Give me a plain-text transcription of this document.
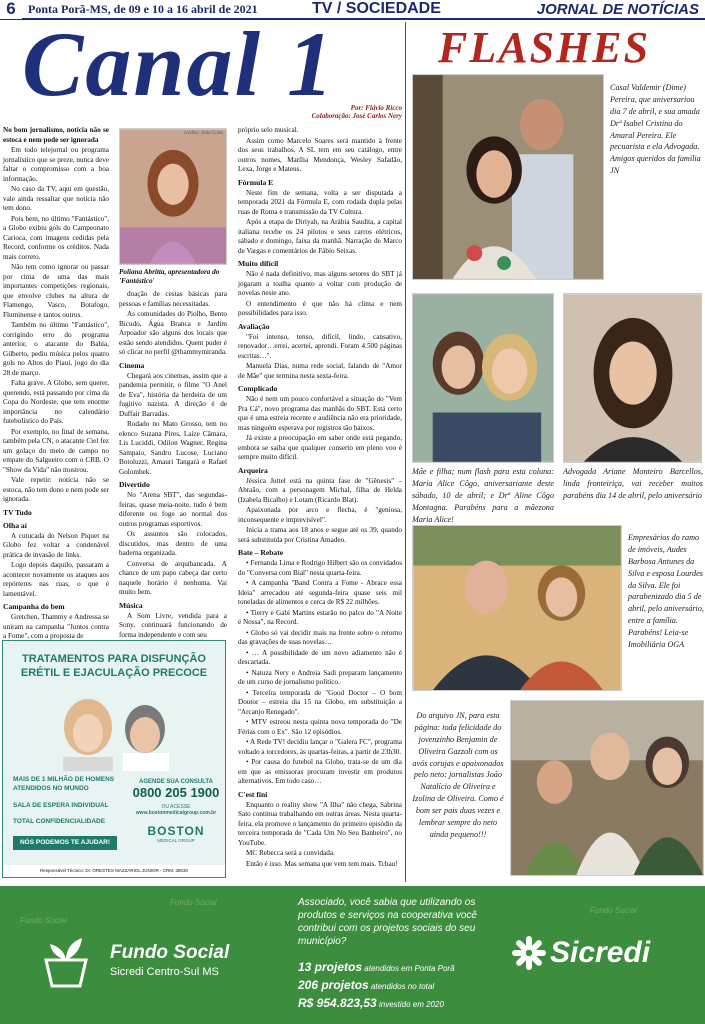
6	Ponta Porã-MS, de 09 e 10 a 16 abril de 2021	TV / SOCIEDADE	JORNAL DE NOTÍCIAS
Canal 1	Por: Flávio Ricco
Colaboração: José Carlos Nery

No bom jornalismo, notícia não se estoca e nem pode ser ignorada

Em todo telejornal ou programa jornalístico que se preze, nunca deve faltar o compromisso com a boa informação.

No caso da TV, aqui em questão, vale ainda ressaltar que notícia não tem dono.

Pois bem, no último "Fantástico", a Globo exibiu gols do Campeonato Carioca, com imagens cedidas pela Record, conforme os créditos. Nada mais correto.

Não tem como ignorar ou passar por cima de uma das mais importantes competições regionais, que envolve clubes na altura de Flamengo, Vasco, Botafogo, Fluminense e tantos outros.

Também no último "Fantástico", corrigindo erro do programa anterior, o atacante do Bahia, Gilberto, pediu música pelos quatro gols no Altos do Piauí, jogo do dia 28 de março.

Falta grave. A Globo, sem querer, querendo, está passando por cima da Copa do Nordeste, que tem enorme importância no calendário futebolístico do País.

Por exemplo, no final de semana, também pela CN, o atacante Ciel fez um golaço do meio de campo no empate do Salgueiro com o CRB. O "Show da Vida" não mostrou.

Vale repetir: notícia não se estoca, não tem dono e nem pode ser ignorada.

TV Tudo
Olha aí

A cutucada do Nelson Piquet na Globo fez voltar a condenável prática de invasão de links.

Logo depois daquilo, passaram a acontecer novamente os ataques aos repórteres nas ruas, o que é lamentável.

Campanha do bem

Gretchen, Thammy e Andressa se uniram na campanha "Juntos contra a Fome", com a proposta de

crédito: João Cotta
Poliana Abritta, apresentadora do 'Fantástico'

doação de cestas básicas para pessoas e famílias necessitadas.

As comunidades do Piolho, Bento Bicudo, Água Branca e Jardim Arpoador são alguns dos locais que estão sendo atendidos. Quem puder é só clicar no perfil @thammymiranda.

Cinema

Chegará aos cinemas, assim que a pandemia permitir, o filme "O Anel de Eva", história da herdeira de um fugitivo nazista. A direção é de Duffair Barradas.

Rodado no Mato Grosso, tem no elenco Suzana Pires, Laíze Câmara, Lis Luciddi, Odilon Wagner, Regina Sampaio, Sandro Lucose, Luciano Botoluzzi, Amauri Tangará e Rafael Golombek.

Divertido

No "Arena SBT", das segundas-feiras, quase meia-noite, tudo é bem diferente ou foge ao normal dos outros programas esportivos.

Os assuntos são colocados, discutidos, mas dentro de uma baderna organizada.

Conversa de arquibancada. A chance de um papo cabeça dar certo naquele horário é nenhuma. Vai muito bem.

Música

A Som Livre, vendida para a Sony, continuará funcionando de forma independente e com seu

próprio selo musical.

Assim como Marcelo Soares será mantido à frente dos seus trabalhos. A SL tem em seu catálogo, entre outros nomes, Marília Mendonça, Wesley Safadão, Lexa, Jorge e Mateus.

Fórmula E

Neste fim de semana, volta a ser disputada a temporada 2021 da Fórmula E, com rodada dupla pelas ruas de Roma e transmissão da TV Cultura.

Após a etapa de Diriyah, na Arábia Saudita, a capital italiana recebe os 24 pilotos e seus carros elétricos, sábado e domingo, faixa da manhã. Narração de Marco de Vargas e comentários de Fábio Seixas.

Muito difícil

Não é nada definitivo, mas alguns setores do SBT já jogaram a toalha quanto a voltar com produção de novelas neste ano.

O entendimento é que não há clima e nem possibilidades para isso.

Avaliação

"Foi intenso, tenso, difícil, lindo, cansativo, renovador…errei, acertei, aprendi. Foram 4.500 páginas escritas…".

Manuela Dias, numa rede social, falando de "Amor de Mãe" que termina nesta sexta-feira.

Complicado

Não é nem um pouco confortável a situação do "Vem Pra Cá", novo programa das manhãs do SBT. Está certo que é uma estreia recente e audiência não era prioridade, mas ninguém esperava por registros tão baixos.

Já existe a preocupação em saber onde está pegando, embora se saiba que qualquer conserto em pleno voo é sempre muito difícil.

Arqueira

Jéssica Juttel está na quinta fase de "Gênesis" – Abraão, com a personagem Michal, filha de Helda (Izabela Bicalho) e Lotam (Ricardo Blat).

Apaixonada por arco e flecha, é "geniosa, inconsequente e imprevisível".

Inicia a trama aos 18 anos e segue até os 39, quando será substituída por Cristina Amadeo.

Bate – Rebate

• Fernanda Lima e Rodrigo Hilbert são os convidados do "Conversa com Bial" nesta quarta-feira.

• A campanha "Band Contra a Fome - Abrace essa Ideia" arrecadou até segunda-feira quase seis mil toneladas de alimentos e cerca de R$ 22 milhões.

• Tierry e Gabi Martins estarão no palco do "A Noite é Nossa", na Record.

• Globo só vai decidir mais na frente sobre o retorno das gravações de suas novelas…

• … A possibilidade de um novo adiamento não é descartada.

• Natuza Nery e Andreia Sadi preparam lançamento de um curso de jornalismo político.

• Terceira temporada de "Good Doctor – O bom Doutor – estreia dia 15 na Globo, em substituição a "Arcanjo Renegado".

• MTV estreou nesta quinta nova temporada do "De Férias com o Ex". São 12 episódios.

• A Rede TV! decidiu lançar o "Galera FC", programa voltado a torcedores, às quartas-feiras, a partir de 23h30.

• Por causa do futebol na Globo, trata-se de um dia em que as emissoras procuram investir em produtos alternativos. Em todo caso…

C'est fini

Enquanto o reality show "A Ilha" não chega, Sabrina Sato continua trabalhando em outras áreas. Nesta quarta-feira, ela promove o lançamento do primeiro episódio da terceira temporada de "Cada Um No Seu Banheiro", no YouTube.

MC Rebecca será a convidada.

Então é isso. Mas semana que vem tem mais. Tchau!

TRATAMENTOS PARA DISFUNÇÃO
ERÉTIL E EJACULAÇÃO PRECOCE
MAIS DE 1 MILHÃO DE HOMENS ATENDIDOS NO MUNDO
SALA DE ESPERA INDIVIDUAL
TOTAL CONFIDENCIALIDADE
AGENDE SUA CONSULTA
0800 205 1900
OU ACESSE
www.bostonmedicalgroup.com.br
BOSTON
MEDICAL GROUP
NÓS PODEMOS TE AJUDAR!
Responsável Técnico: Dr. ORESTES MAZZARIOL JÚNIOR - CRM: 38030
FLASHES
Casal Valdemir (Dime) Pereira, que aniversariou dia 7 de abril, e sua amada Drª Isabel Cristina do Amaral Pereira. Ele pecuarista e ela Advogada. Amigos queridos da família JN
Mãe e filha; num flash para esta coluna: Maria Alice Côgo, aniversariante deste sábado, 10 de abril; e Drª Aline Côgo Montagna. Parabéns para a mãezona Maria Alice!
Advogada Ariane Monteiro Barcellos, linda fronteiriça, vai receber muitos parabéns dia 14 de abril, pelo aniversário
Empresários do ramo de imóveis, Audes Barbosa Antunes da Silva e esposa Lourdes da Silva. Ele foi parabenizado dia 5 de abril, pelo aniversário, entre a família. Parabéns! Leia-se Imobiliária OGA
Do arquivo JN, para esta página: toda felicidade do jovenzinho Benjamin de Oliveira Gazzoli com os avós corujas e apaixonados pelo neto: jornalistas João Natalício de Oliveira e Izolina de Oliveira. Como é bom ser pais duas vezes e lembrar sempre do neto ainda pequeno!!!
Fundo Social
Fundo Social
Fundo Social
Fundo Social
Sicredi Centro-Sul MS
Associado, você sabia que utilizando os produtos e serviços na cooperativa você contribui com os projetos sociais do seu município?
13 projetos atendidos em Ponta Porã
206 projetos atendidos no total
R$ 954.823,53 investido em 2020
Sicredi
